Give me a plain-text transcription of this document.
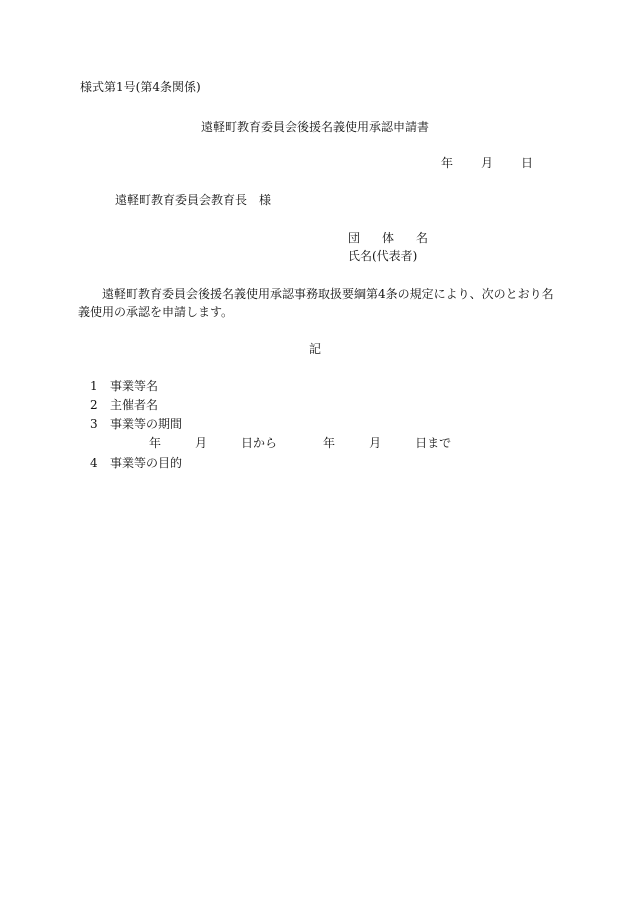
様式第1号(第4条関係)
遠軽町教育委員会後援名義使用承認申請書
年 月 日
遠軽町教育委員会教育長　様
団 体 名
氏名(代表者)

遠軽町教育委員会後援名義使用承認事務取扱要綱第4条の規定により、次のとおり名義使用の承認を申請します。

記
1 事業等名
2 主催者名
3 事業等の期間
年	月	日から	年	月	日まで
4 事業等の目的
